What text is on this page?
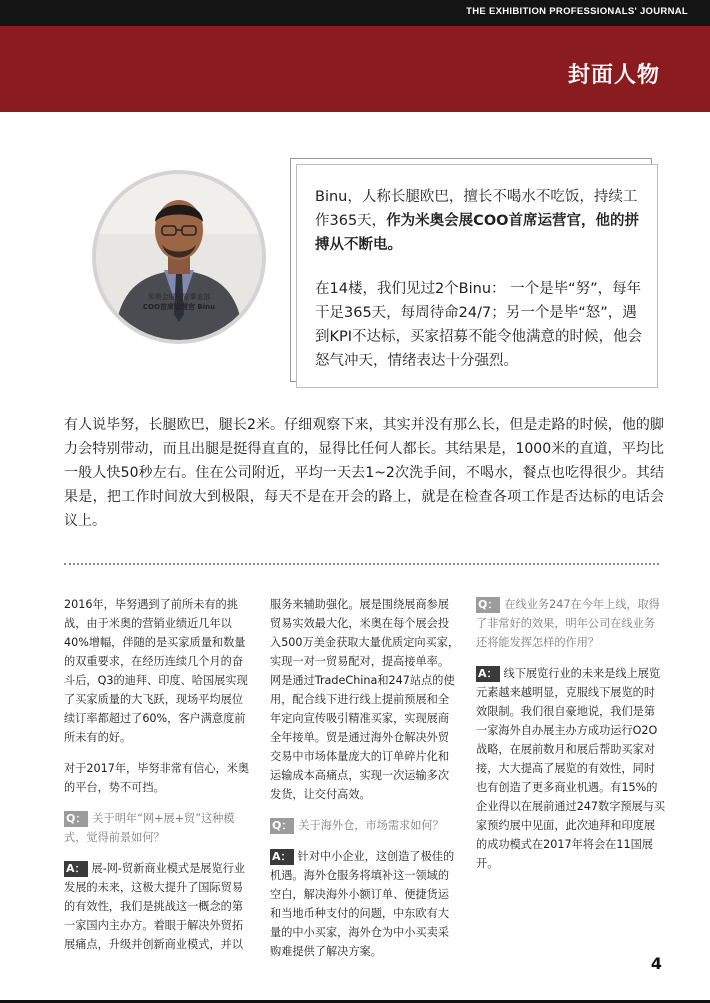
THE EXHIBITION PROFESSIONALS' JOURNAL
封面人物
米奥会展展览事业部
COO首席运营官 Binu

Binu，人称长腿欧巴，擅长不喝水不吃饭，持续工作365天，作为米奥会展COO首席运营官，他的拼搏从不断电。

在14楼，我们见过2个Binu： 一个是毕“努”，每年干足365天，每周待命24/7；另一个是毕“怒”，遇到KPI不达标，买家招募不能令他满意的时候，他会怒气冲天，情绪表达十分强烈。

有人说毕努，长腿欧巴，腿长2米。仔细观察下来，其实并没有那么长，但是走路的时候，他的脚力会特别带动，而且出腿是挺得直直的，显得比任何人都长。其结果是，1000米的直道，平均比一般人快50秒左右。住在公司附近，平均一天去1~2次洗手间，不喝水，餐点也吃得很少。其结果是，把工作时间放大到极限，每天不是在开会的路上，就是在检查各项工作是否达标的电话会议上。

2016年，毕努遇到了前所未有的挑战，由于米奥的营销业绩近几年以40%增幅，伴随的是买家质量和数量的双重要求，在经历连续几个月的奋斗后，Q3的迪拜、印度、哈国展实现了买家质量的大飞跃，现场平均展位续订率都超过了60%，客户满意度前所未有的好。

对于2017年，毕努非常有信心，米奥的平台，势不可挡。

Q： 关于明年“网+展+贸”这种模式，觉得前景如何？

A： 展-网-贸新商业模式是展览行业发展的未来，这极大提升了国际贸易的有效性，我们是挑战这一概念的第一家国内主办方。着眼于解决外贸拓展痛点，升级并创新商业模式，并以

服务来辅助强化。展是围绕展商参展贸易实效最大化，米奥在每个展会投入500万美金获取大量优质定向买家，实现一对一贸易配对，提高接单率。网是通过TradeChina和247站点的使用，配合线下进行线上提前预展和全年定向宣传吸引精准买家，实现展商全年接单。贸是通过海外仓解决外贸交易中市场体量庞大的订单碎片化和运输成本高痛点，实现一次运输多次发货，让交付高效。

Q： 关于海外仓，市场需求如何？

A： 针对中小企业，这创造了极佳的机遇。海外仓服务将填补这一领域的空白，解决海外小额订单、便捷货运和当地币种支付的问题，中东欧有大量的中小买家，海外仓为中小买卖采购难提供了解决方案。

Q： 在线业务247在今年上线，取得了非常好的效果，明年公司在线业务还将能发挥怎样的作用？

A： 线下展览行业的未来是线上展览元素越来越明显，克服线下展览的时效限制。我们很自豪地说，我们是第一家海外自办展主办方成功运行O2O战略，在展前数月和展后帮助买家对接，大大提高了展览的有效性，同时也有创造了更多商业机遇。有15%的企业得以在展前通过247数字预展与买家预约展中见面，此次迪拜和印度展的成功模式在2017年将会在11国展开。

4
